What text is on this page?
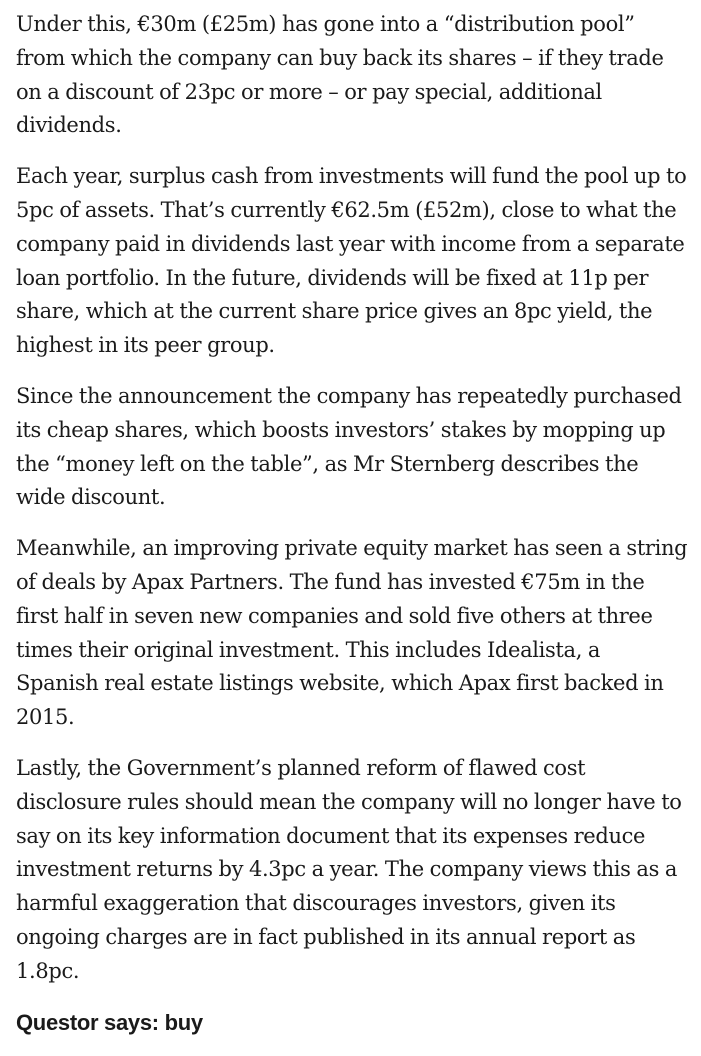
Under this, €30m (£25m) has gone into a “distribution pool” from which the company can buy back its shares – if they trade on a discount of 23pc or more – or pay special, additional dividends.

Each year, surplus cash from investments will fund the pool up to 5pc of assets. That’s currently €62.5m (£52m), close to what the company paid in dividends last year with income from a separate loan portfolio. In the future, dividends will be fixed at 11p per share, which at the current share price gives an 8pc yield, the highest in its peer group.

Since the announcement the company has repeatedly purchased its cheap shares, which boosts investors’ stakes by mopping up the “money left on the table”, as Mr Sternberg describes the wide discount.

Meanwhile, an improving private equity market has seen a string of deals by Apax Partners. The fund has invested €75m in the first half in seven new companies and sold five others at three times their original investment. This includes Idealista, a Spanish real estate listings website, which Apax first backed in 2015.

Lastly, the Government’s planned reform of flawed cost disclosure rules should mean the company will no longer have to say on its key information document that its expenses reduce investment returns by 4.3pc a year. The company views this as a harmful exaggeration that discourages investors, given its ongoing charges are in fact published in its annual report as 1.8pc.

Questor says: buy
